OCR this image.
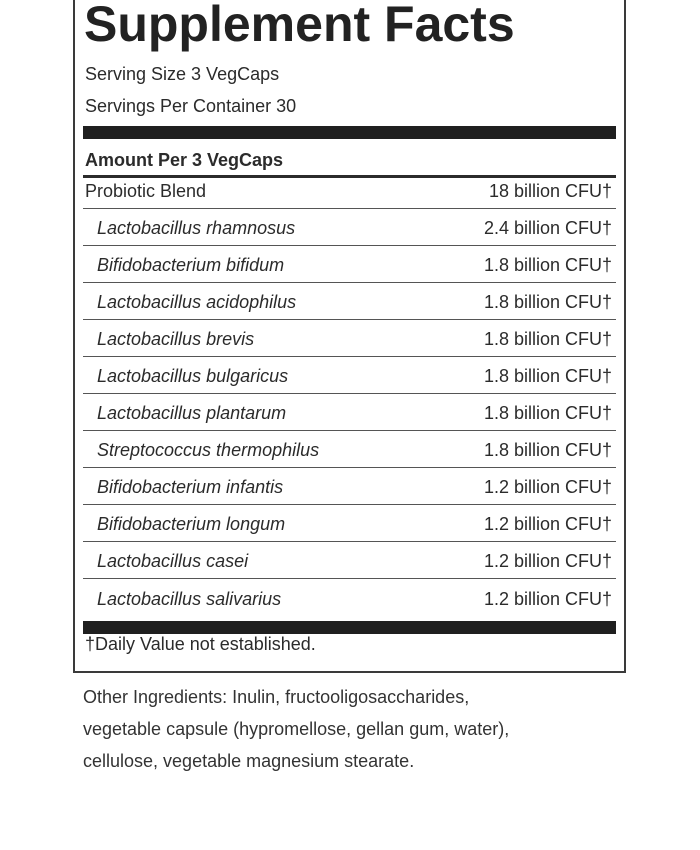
Supplement Facts
Serving Size 3 VegCaps
Servings Per Container 30
Amount Per 3 VegCaps
Probiotic Blend	18 billion CFU†
Lactobacillus rhamnosus	2.4 billion CFU†
Bifidobacterium bifidum	1.8 billion CFU†
Lactobacillus acidophilus	1.8 billion CFU†
Lactobacillus brevis	1.8 billion CFU†
Lactobacillus bulgaricus	1.8 billion CFU†
Lactobacillus plantarum	1.8 billion CFU†
Streptococcus thermophilus	1.8 billion CFU†
Bifidobacterium infantis	1.2 billion CFU†
Bifidobacterium longum	1.2 billion CFU†
Lactobacillus casei	1.2 billion CFU†
Lactobacillus salivarius	1.2 billion CFU†
†Daily Value not established.
Other Ingredients: Inulin, fructooligosaccharides,
vegetable capsule (hypromellose, gellan gum, water),
cellulose, vegetable magnesium stearate.
